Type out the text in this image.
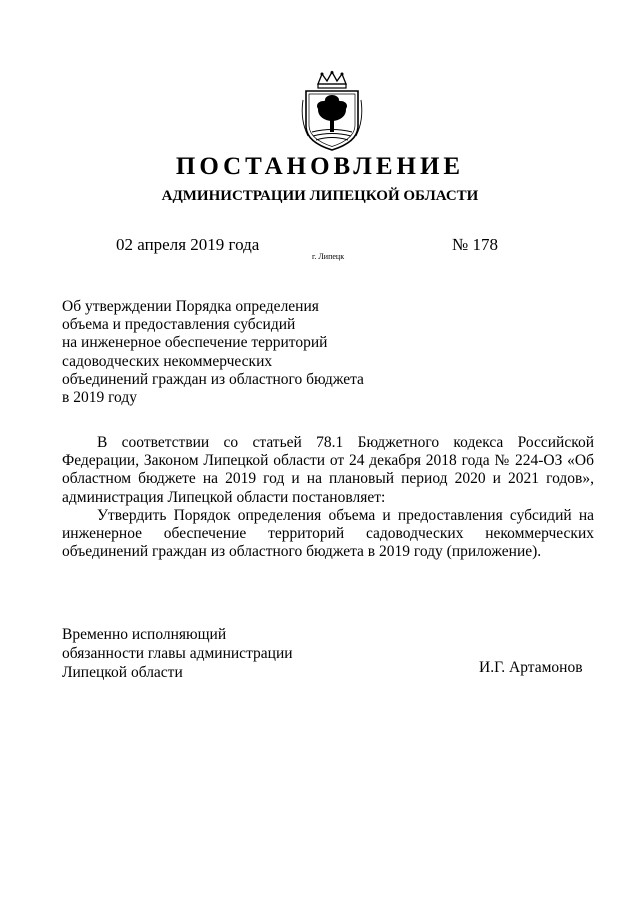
ПОСТАНОВЛЕНИЕ
АДМИНИСТРАЦИИ ЛИПЕЦКОЙ ОБЛАСТИ
02 апреля 2019 года
г. Липецк
№ 178
Об утверждении Порядка определения
объема и предоставления субсидий
на инженерное обеспечение территорий
садоводческих некоммерческих
объединений граждан из областного бюджета
в 2019 году

В соответствии со статьей 78.1 Бюджетного кодекса Российской Федерации, Законом Липецкой области от 24 декабря 2018 года № 224-ОЗ «Об областном бюджете на 2019 год и на плановый период 2020 и 2021 годов», администрация Липецкой области постановляет:

Утвердить Порядок определения объема и предоставления субсидий на инженерное обеспечение территорий садоводческих некоммерческих объединений граждан из областного бюджета в 2019 году (приложение).

Временно исполняющий
обязанности главы администрации
Липецкой области	И.Г. Артамонов
